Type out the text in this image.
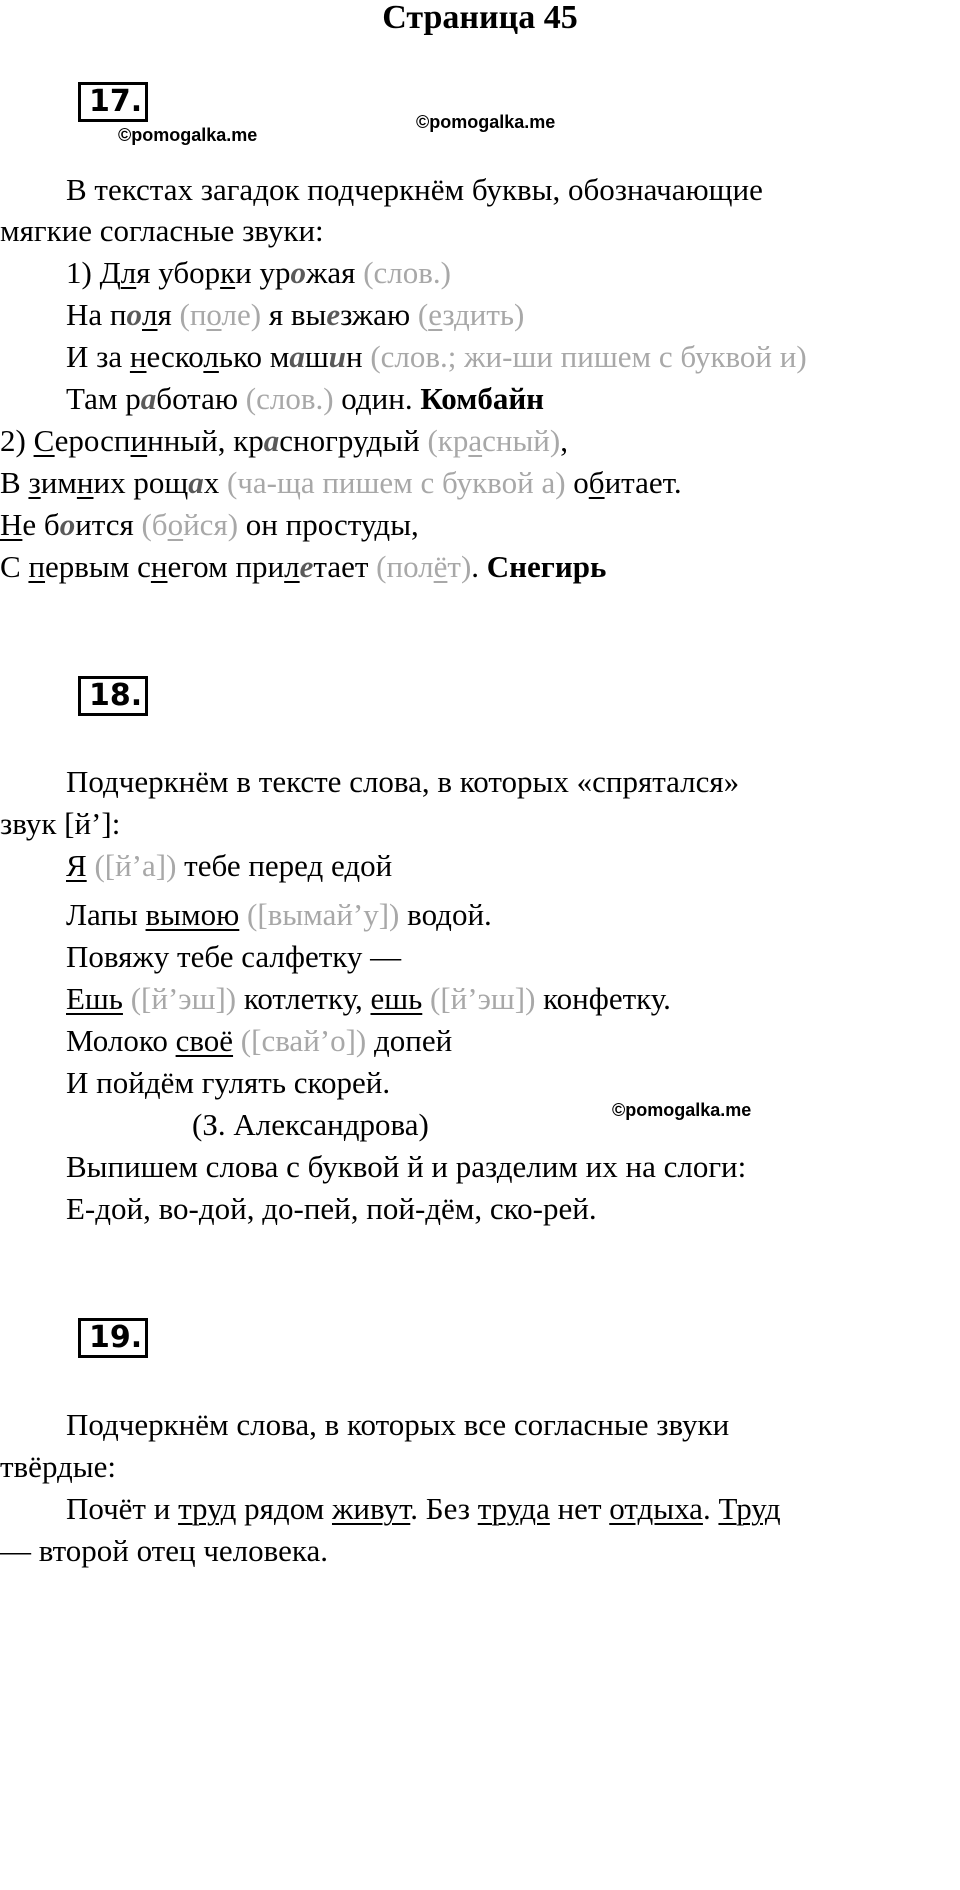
Страница 45
17.
©pomogalka.me
©pomogalka.me
В текстах загадок подчеркнём буквы, обозначающие
мягкие согласные звуки:
1) Для уборки урожая (слов.)
На поля (поле) я выезжаю (ездить)
И за несколько машин (слов.; жи-ши пишем с буквой и)
Там работаю (слов.) один. Комбайн
2) Сероспинный, красногрудый (красный),
В зимних рощах (ча-ща пишем с буквой а) обитает.
Не боится (бойся) он простуды,
С первым снегом прилетает (полёт). Снегирь
18.
Подчеркнём в тексте слова, в которых «спрятался»
звук [й’]:
Я ([й’а]) тебе перед едой
Лапы вымою ([вымай’у]) водой.
Повяжу тебе салфетку —
Ешь ([й’эш]) котлетку, ешь ([й’эш]) конфетку.
Молоко своё ([свай’о]) допей
И пойдём гулять скорей.
(З. Александрова)	©pomogalka.me
Выпишем слова с буквой й и разделим их на слоги:
Е-дой, во-дой, до-пей, пой-дём, ско-рей.
19.
Подчеркнём слова, в которых все согласные звуки
твёрдые:
Почёт и труд рядом живут. Без труда нет отдыха. Труд
— второй отец человека.
